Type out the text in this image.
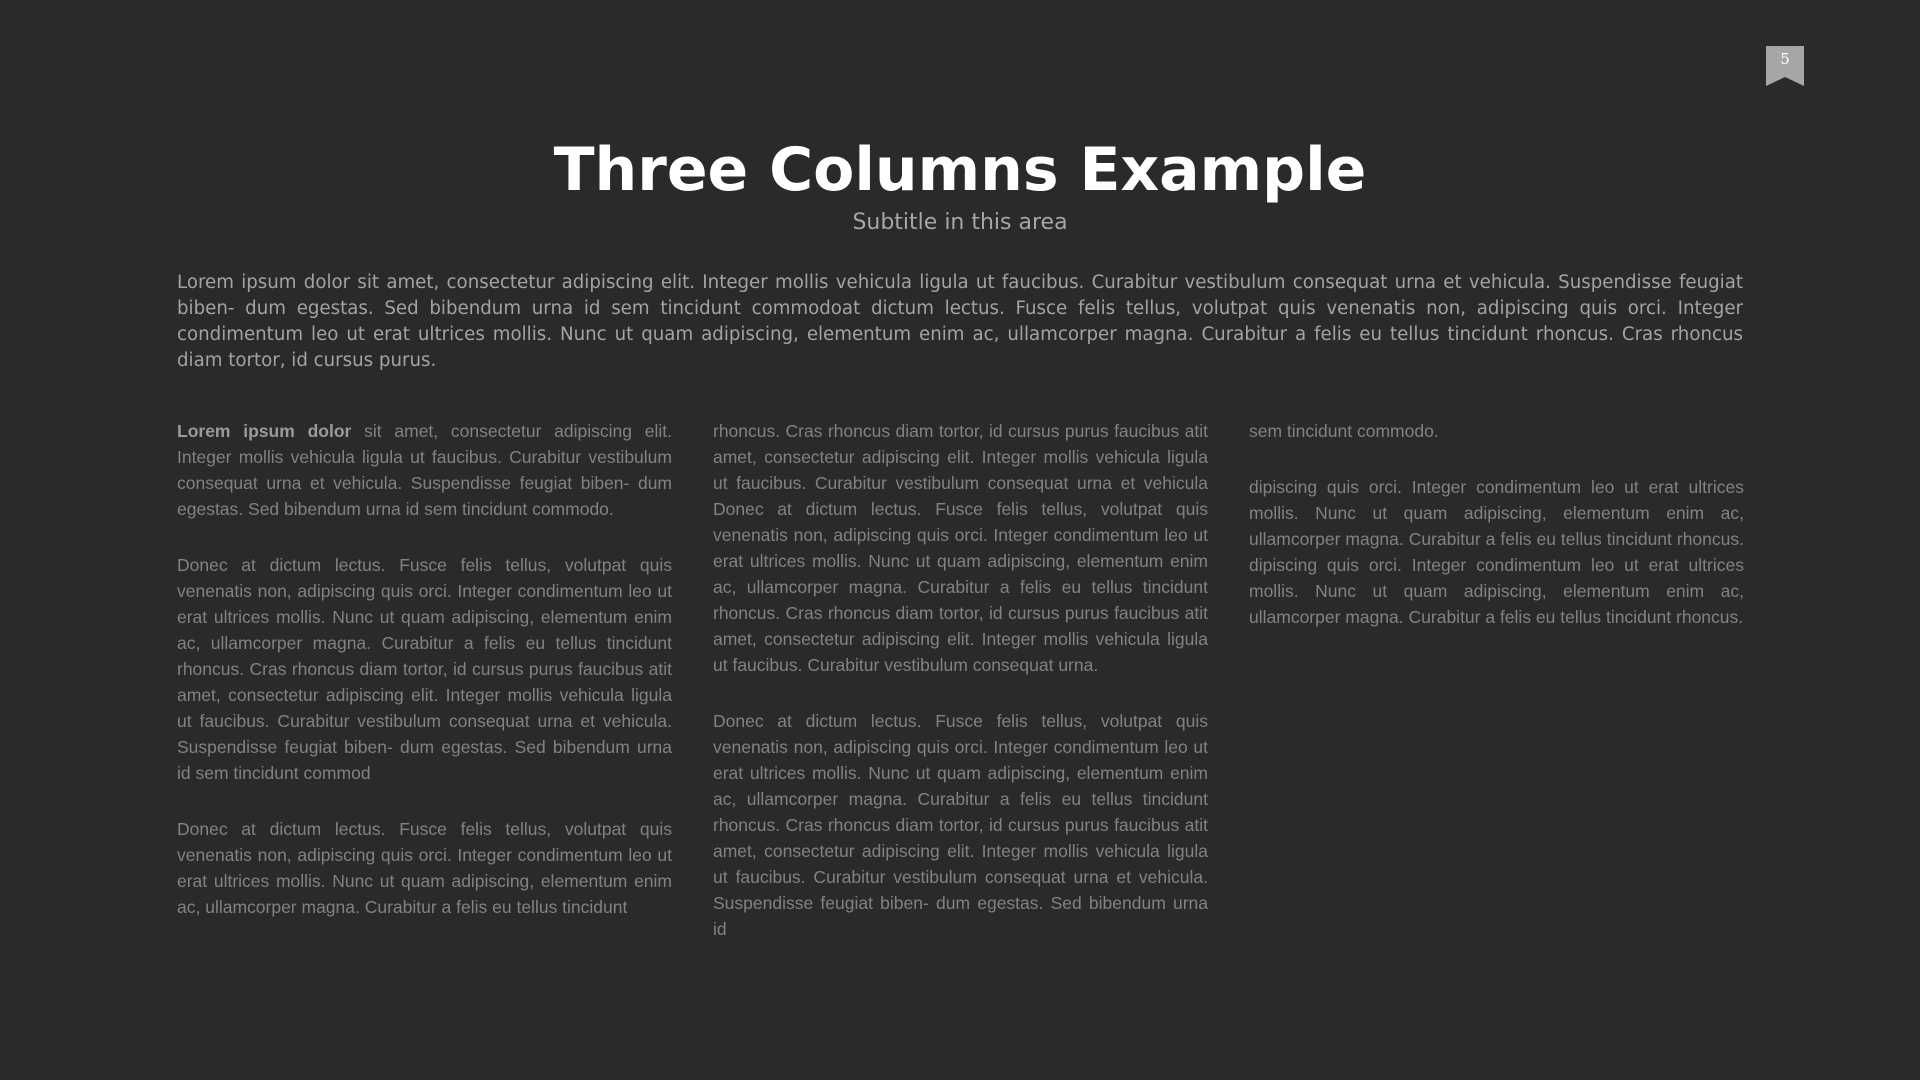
5
Three Columns Example

Subtitle in this area

Lorem ipsum dolor sit amet, consectetur adipiscing elit. Integer mollis vehicula ligula ut faucibus. Curabitur vestibulum consequat urna et vehicula. Suspendisse feugiat biben- dum egestas. Sed bibendum urna id sem tincidunt commodoat dictum lectus. Fusce felis tellus, volutpat quis venenatis non, adipiscing quis orci. Integer condimentum leo ut erat ultrices mollis. Nunc ut quam adipiscing, elementum enim ac, ullamcorper magna. Curabitur a felis eu tellus tincidunt rhoncus. Cras rhoncus diam tortor, id cursus purus.

Lorem ipsum dolor sit amet, consectetur adipiscing elit. Integer mollis vehicula ligula ut faucibus. Curabitur vestibulum consequat urna et vehicula. Suspendisse feugiat biben- dum egestas. Sed bibendum urna id sem tincidunt commodo.

Donec at dictum lectus. Fusce felis tellus, volutpat quis venenatis non, adipiscing quis orci. Integer condimentum leo ut erat ultrices mollis. Nunc ut quam adipiscing, elementum enim ac, ullamcorper magna. Curabitur a felis eu tellus tincidunt rhoncus. Cras rhoncus diam tortor, id cursus purus faucibus atit amet, consectetur adipiscing elit. Integer mollis vehicula ligula ut faucibus. Curabitur vestibulum consequat urna et vehicula. Suspendisse feugiat biben- dum egestas. Sed bibendum urna id sem tincidunt commod

Donec at dictum lectus. Fusce felis tellus, volutpat quis venenatis non, adipiscing quis orci. Integer condimentum leo ut erat ultrices mollis. Nunc ut quam adipiscing, elementum enim ac, ullamcorper magna. Curabitur a felis eu tellus tincidunt

rhoncus. Cras rhoncus diam tortor, id cursus purus faucibus atit amet, consectetur adipiscing elit. Integer mollis vehicula ligula ut faucibus. Curabitur vestibulum consequat urna et vehicula Donec at dictum lectus. Fusce felis tellus, volutpat quis venenatis non, adipiscing quis orci. Integer condimentum leo ut erat ultrices mollis. Nunc ut quam adipiscing, elementum enim ac, ullamcorper magna. Curabitur a felis eu tellus tincidunt rhoncus. Cras rhoncus diam tortor, id cursus purus faucibus atit amet, consectetur adipiscing elit. Integer mollis vehicula ligula ut faucibus. Curabitur vestibulum consequat urna.

Donec at dictum lectus. Fusce felis tellus, volutpat quis venenatis non, adipiscing quis orci. Integer condimentum leo ut erat ultrices mollis. Nunc ut quam adipiscing, elementum enim ac, ullamcorper magna. Curabitur a felis eu tellus tincidunt rhoncus. Cras rhoncus diam tortor, id cursus purus faucibus atit amet, consectetur adipiscing elit. Integer mollis vehicula ligula ut faucibus. Curabitur vestibulum consequat urna et vehicula. Suspendisse feugiat biben- dum egestas. Sed bibendum urna id

sem tincidunt commodo.

dipiscing quis orci. Integer condimentum leo ut erat ultrices mollis. Nunc ut quam adipiscing, elementum enim ac, ullamcorper magna. Curabitur a felis eu tellus tincidunt rhoncus. dipiscing quis orci. Integer condimentum leo ut erat ultrices mollis. Nunc ut quam adipiscing, elementum enim ac, ullamcorper magna. Curabitur a felis eu tellus tincidunt rhoncus.
